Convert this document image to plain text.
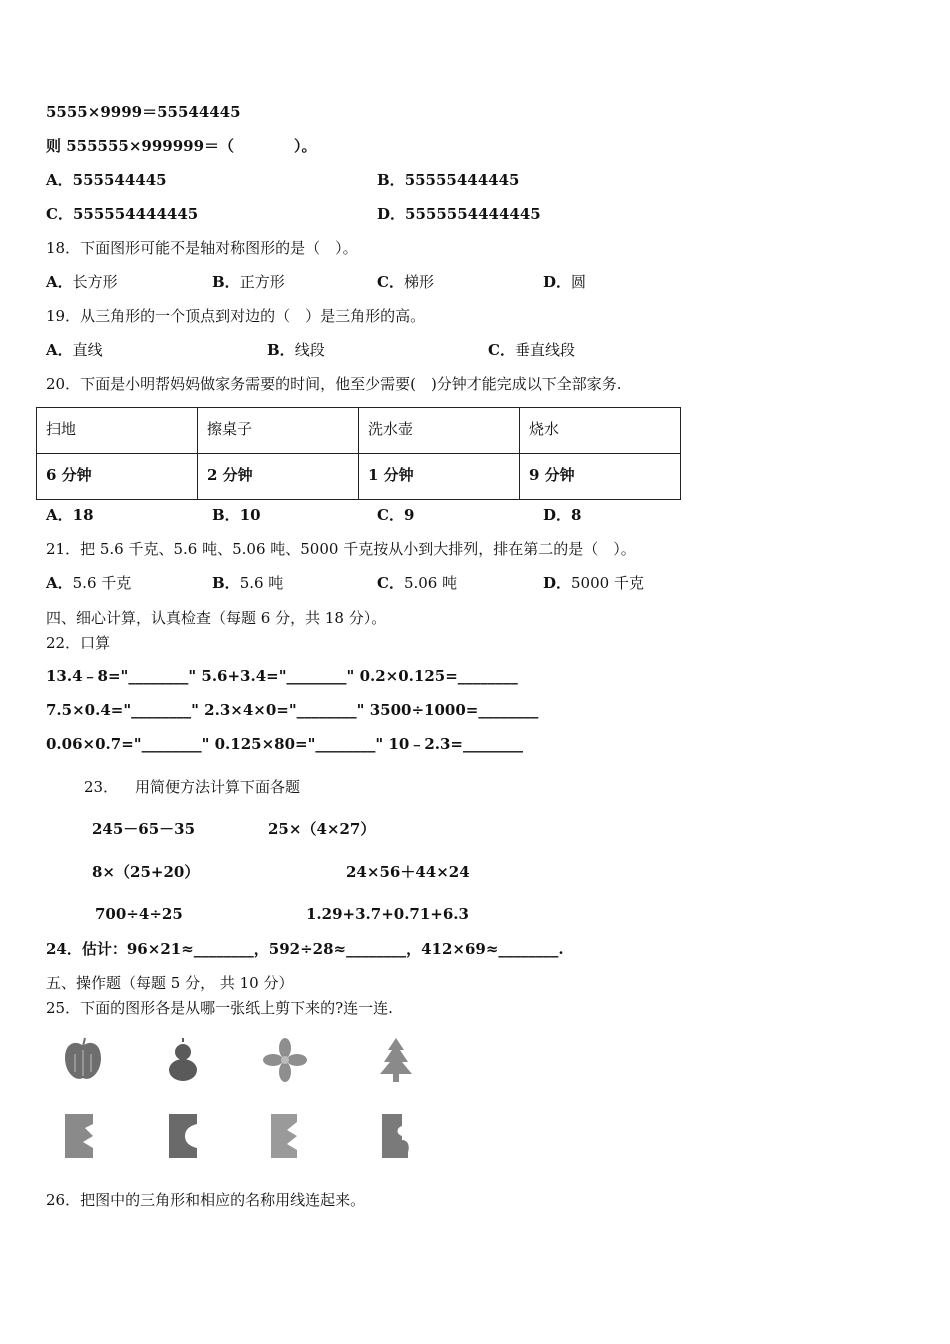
5555×9999＝55544445
则 555555×999999＝（　　　　）。
A．555544445	B．55555444445
C．555554444445	D．5555554444445
18．下面图形可能不是轴对称图形的是（　）。
A．长方形	B．正方形	C．梯形	D．圆
19．从三角形的一个顶点到对边的（　）是三角形的高。
A．直线	B．线段	C．垂直线段
20．下面是小明帮妈妈做家务需要的时间，他至少需要(　)分钟才能完成以下全部家务.
扫地	擦桌子	洗水壶	烧水
6 分钟	2 分钟	1 分钟	9 分钟
A．18	B．10	C．9	D．8
21．把 5.6 千克、5.6 吨、5.06 吨、5000 千克按从小到大排列，排在第二的是（　）。
A．5.6 千克	B．5.6 吨	C．5.06 吨	D．5000 千克
四、细心计算，认真检查（每题 6 分，共 18 分）。
22．口算
13.4﹣8="________" 5.6+3.4="________" 0.2×0.125=________
7.5×0.4="________" 2.3×4×0="________" 3500÷1000=________
0.06×0.7="________" 0.125×80="________" 10﹣2.3=________
23． 用简便方法计算下面各题
245－65－35	25×（4×27）
8×（25+20）	24×56＋44×24
700÷4÷25	1.29+3.7+0.71+6.3
24．估计：96×21≈________，592÷28≈________，412×69≈________.
五、操作题（每题 5 分， 共 10 分）
25．下面的图形各是从哪一张纸上剪下来的?连一连.
26．把图中的三角形和相应的名称用线连起来。
